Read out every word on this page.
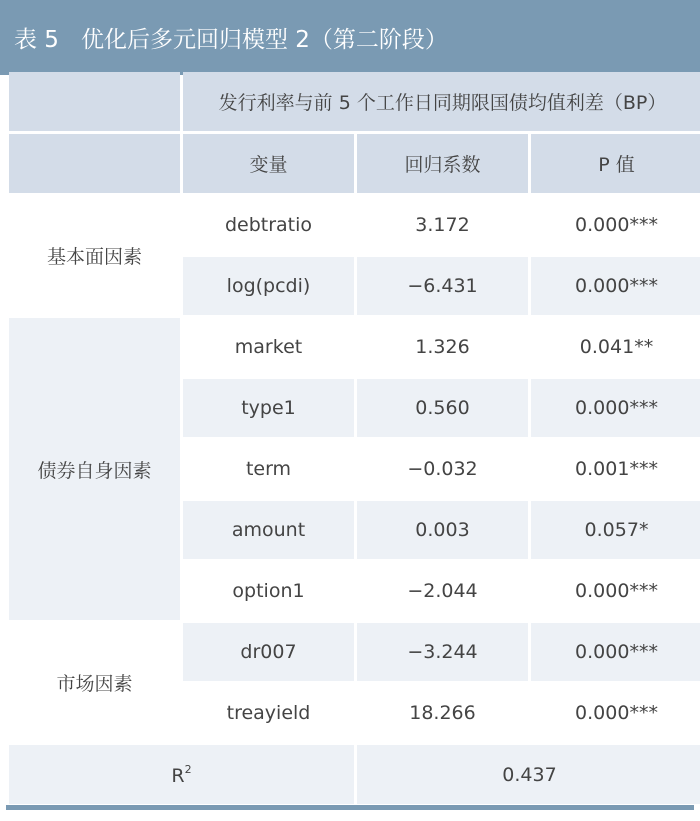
表 5 优化后多元回归模型 2（第二阶段）
	发行利率与前 5 个工作日同期限国债均值利差（BP）		
	变量	回归系数	P 值
基本面因素	debtratio	3.172	0.000***
	log(pcdi)	−6.431	0.000***
债券自身因素	market	1.326	0.041**
	type1	0.560	0.000***
	term	−0.032	0.001***
	amount	0.003	0.057*
	option1	−2.044	0.000***
市场因素	dr007	−3.244	0.000***
	treayield	18.266	0.000***
$R^2$		0.437	
